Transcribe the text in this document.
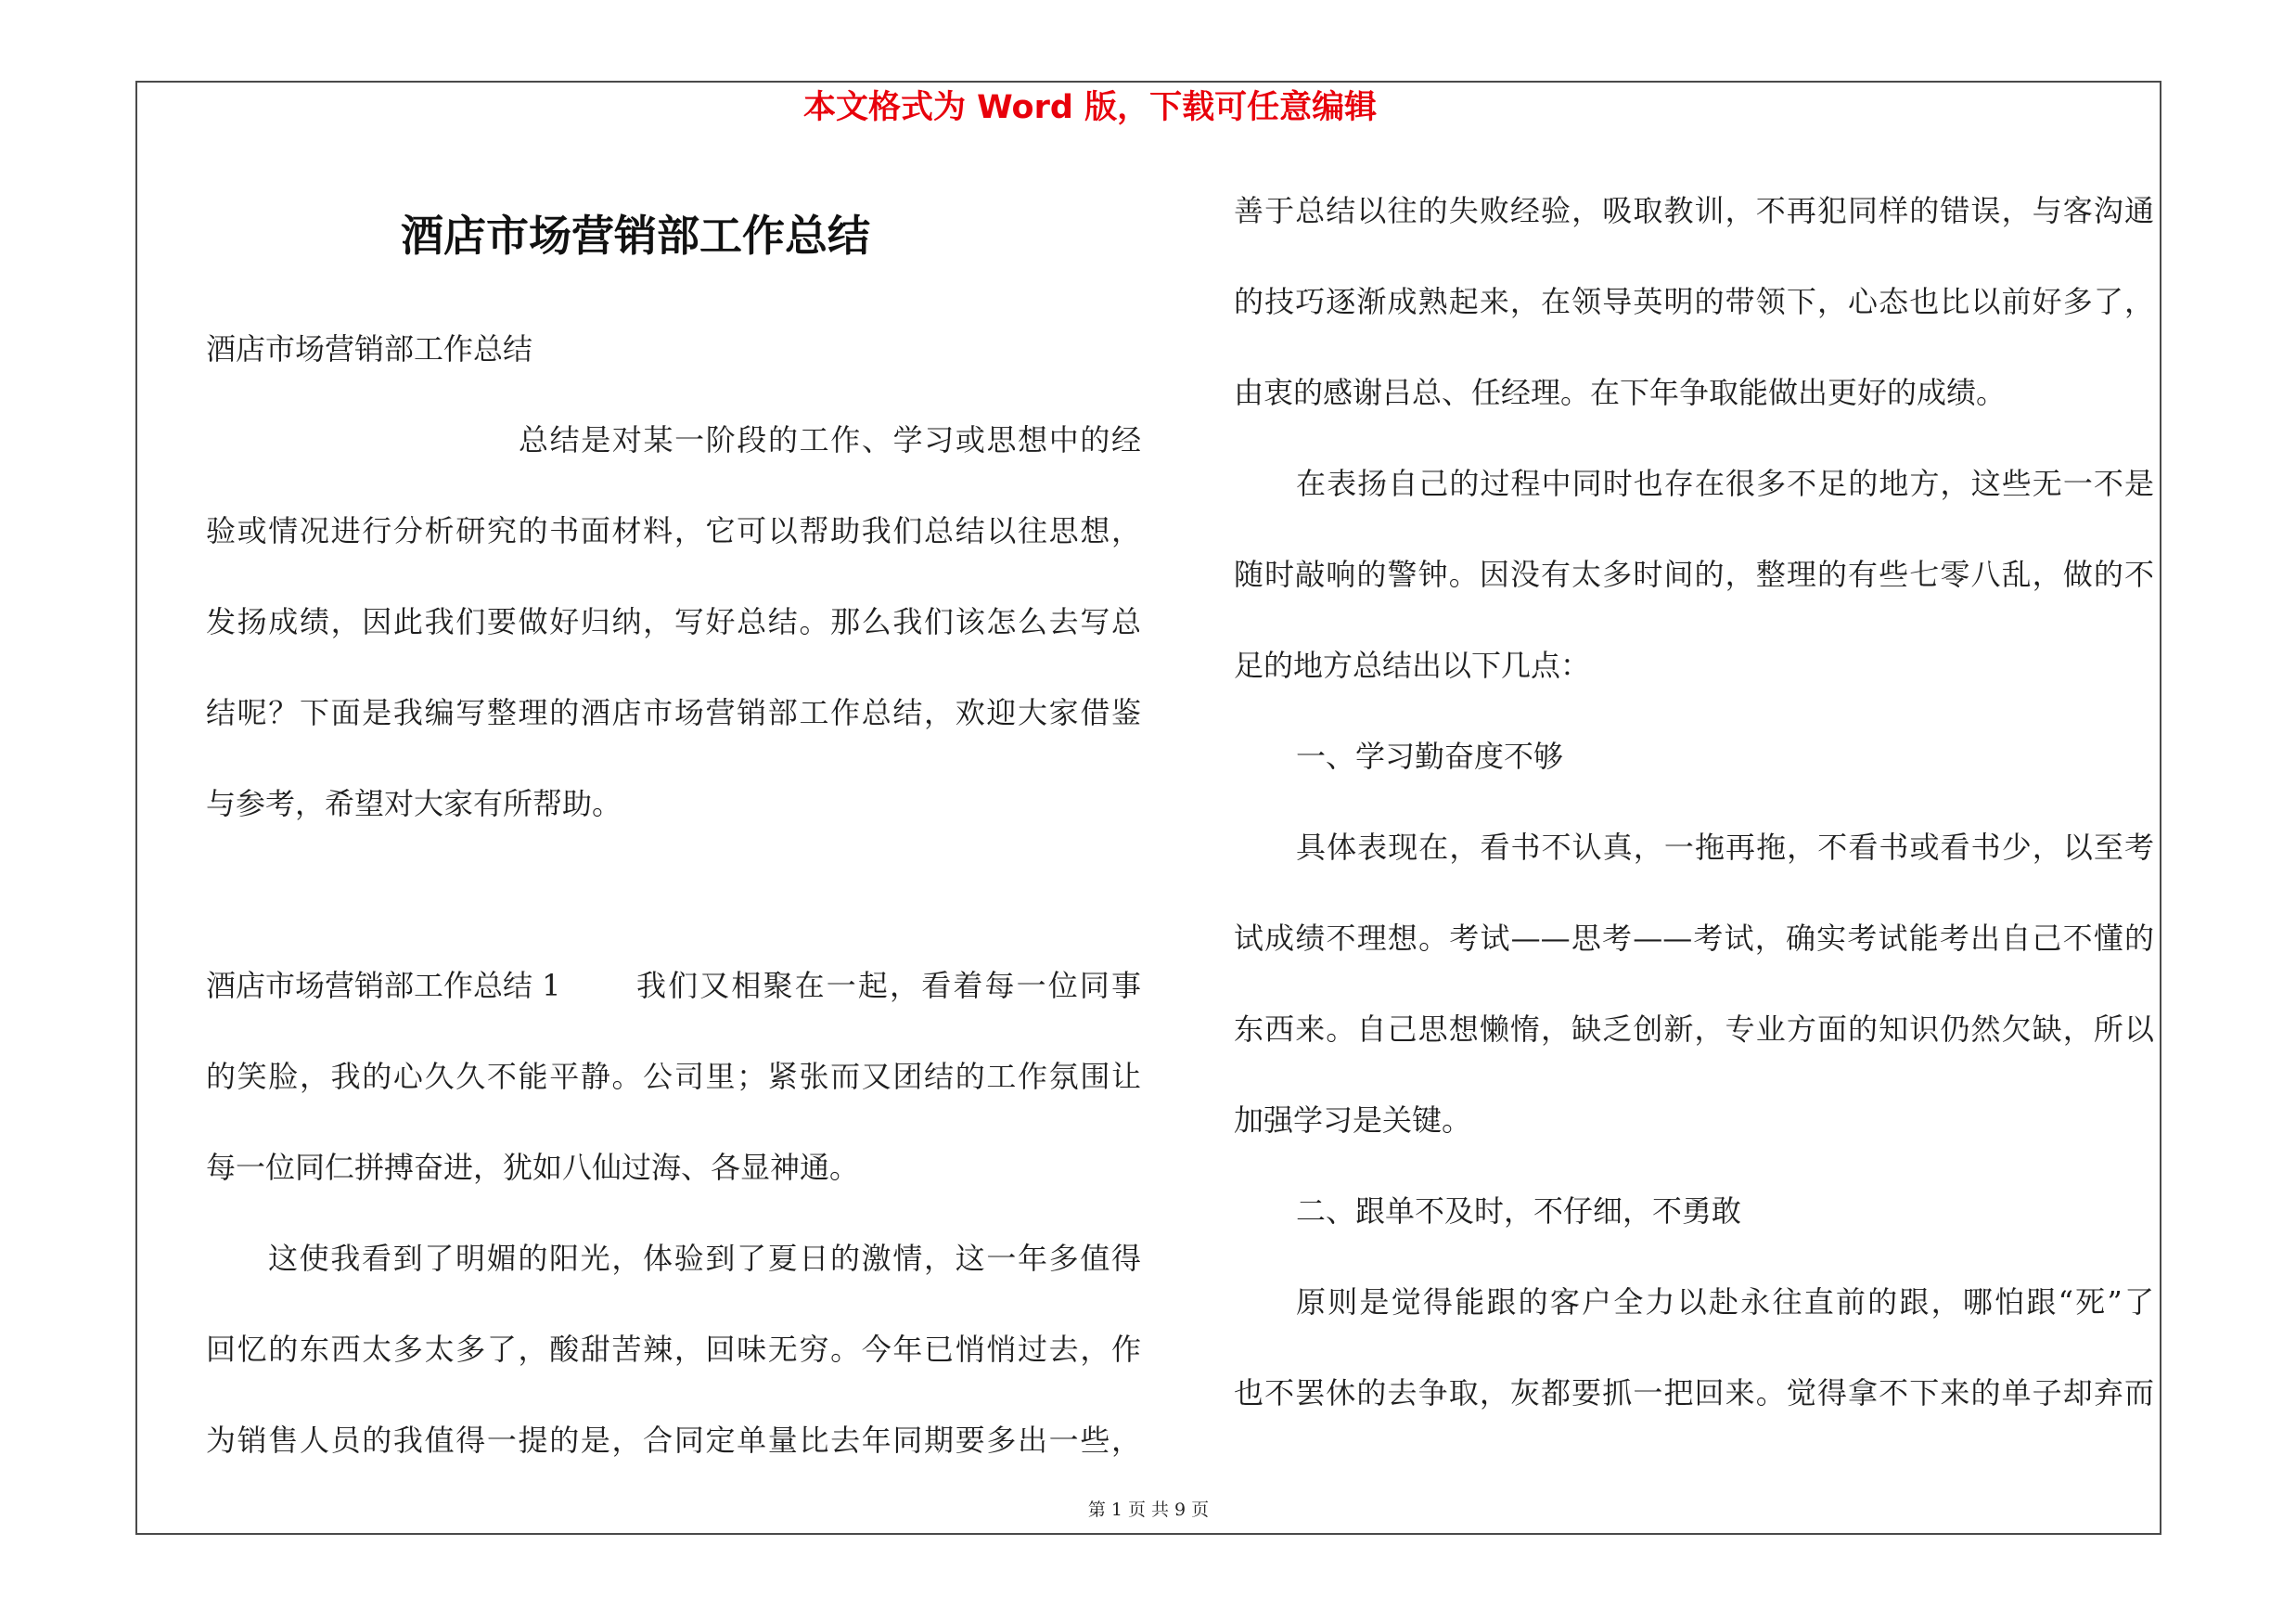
本文格式为 Word 版，下载可任意编辑
酒店市场营销部工作总结
酒店市场营销部工作总结
总结是对某一阶段的工作、学习或思想中的经
验或情况进行分析研究的书面材料，它可以帮助我们总结以往思想，
发扬成绩，因此我们要做好归纳，写好总结。那么我们该怎么去写总
结呢？下面是我编写整理的酒店市场营销部工作总结，欢迎大家借鉴
与参考，希望对大家有所帮助。
酒店市场营销部工作总结 1	我们又相聚在一起，看着每一位同事
的笑脸，我的心久久不能平静。公司里；紧张而又团结的工作氛围让
每一位同仁拼搏奋进，犹如八仙过海、各显神通。
这使我看到了明媚的阳光，体验到了夏日的激情，这一年多值得
回忆的东西太多太多了，酸甜苦辣，回味无穷。今年已悄悄过去，作
为销售人员的我值得一提的是，合同定单量比去年同期要多出一些，
善于总结以往的失败经验，吸取教训，不再犯同样的错误，与客沟通
的技巧逐渐成熟起来，在领导英明的带领下，心态也比以前好多了，
由衷的感谢吕总、任经理。在下年争取能做出更好的成绩。
在表扬自己的过程中同时也存在很多不足的地方，这些无一不是
随时敲响的警钟。因没有太多时间的，整理的有些七零八乱，做的不
足的地方总结出以下几点：
一、学习勤奋度不够
具体表现在，看书不认真，一拖再拖，不看书或看书少，以至考
试成绩不理想。考试——思考——考试，确实考试能考出自己不懂的
东西来。自己思想懒惰，缺乏创新，专业方面的知识仍然欠缺，所以
加强学习是关键。
二、跟单不及时，不仔细，不勇敢
原则是觉得能跟的客户全力以赴永往直前的跟，哪怕跟“死”了
也不罢休的去争取，灰都要抓一把回来。觉得拿不下来的单子却弃而
第 1 页 共 9 页
